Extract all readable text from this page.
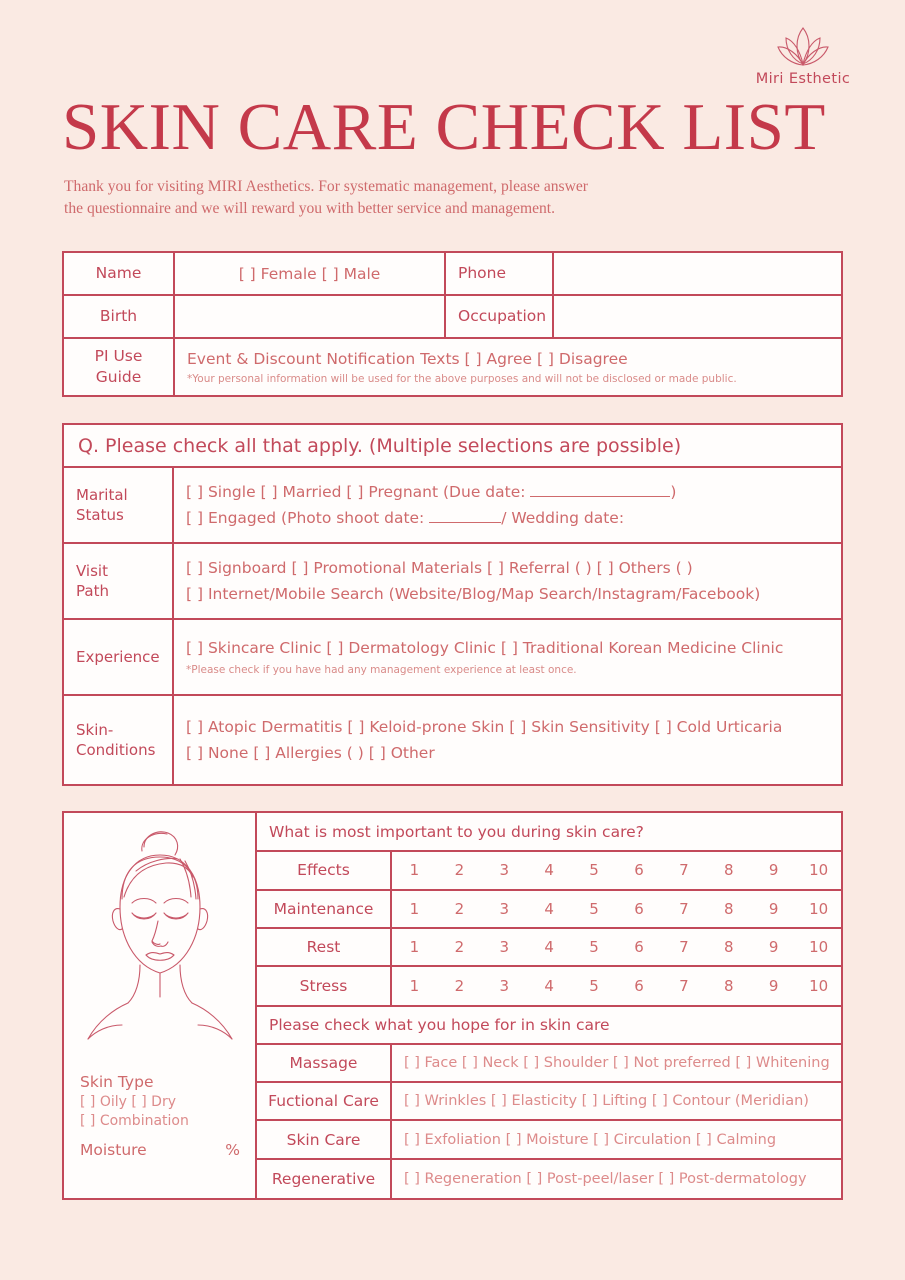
Miri Esthetic
SKIN CARE CHECK LIST
Thank you for visiting MIRI Aesthetics. For systematic management, please answer
the questionnaire and we will reward you with better service and management.
Name	[ ] Female [ ] Male	Phone
Birth	Occupation
PI Use
Guide
Event & Discount Notification Texts [ ] Agree [ ] Disagree
*Your personal information will be used for the above purposes and will not be disclosed or made public.
Q. Please check all that apply. (Multiple selections are possible)
Marital
Status
[ ] Single [ ] Married [ ] Pregnant (Due date:	)
[ ] Engaged (Photo shoot date:	/ Wedding date:
Visit
Path
[ ] Signboard [ ] Promotional Materials [ ] Referral ( ) [ ] Others ( )
[ ] Internet/Mobile Search (Website/Blog/Map Search/Instagram/Facebook)
Experience	[ ] Skincare Clinic [ ] Dermatology Clinic [ ] Traditional Korean Medicine Clinic
*Please check if you have had any management experience at least once.
Skin-
Conditions
[ ] Atopic Dermatitis [ ] Keloid-prone Skin [ ] Skin Sensitivity [ ] Cold Urticaria
[ ] None [ ] Allergies ( ) [ ] Other
Skin Type
[ ] Oily [ ] Dry
[ ] Combination
Moisture	%
What is most important to you during skin care?
Effects	1	2	3	4	5	6	7	8	9	10
Maintenance	1	2	3	4	5	6	7	8	9	10
Rest	1	2	3	4	5	6	7	8	9	10
Stress	1	2	3	4	5	6	7	8	9	10
Please check what you hope for in skin care
Massage	[ ] Face [ ] Neck [ ] Shoulder [ ] Not preferred [ ] Whitening
Fuctional Care	[ ] Wrinkles [ ] Elasticity [ ] Lifting [ ] Contour (Meridian)
Skin Care	[ ] Exfoliation [ ] Moisture [ ] Circulation [ ] Calming
Regenerative	[ ] Regeneration [ ] Post-peel/laser [ ] Post-dermatology
